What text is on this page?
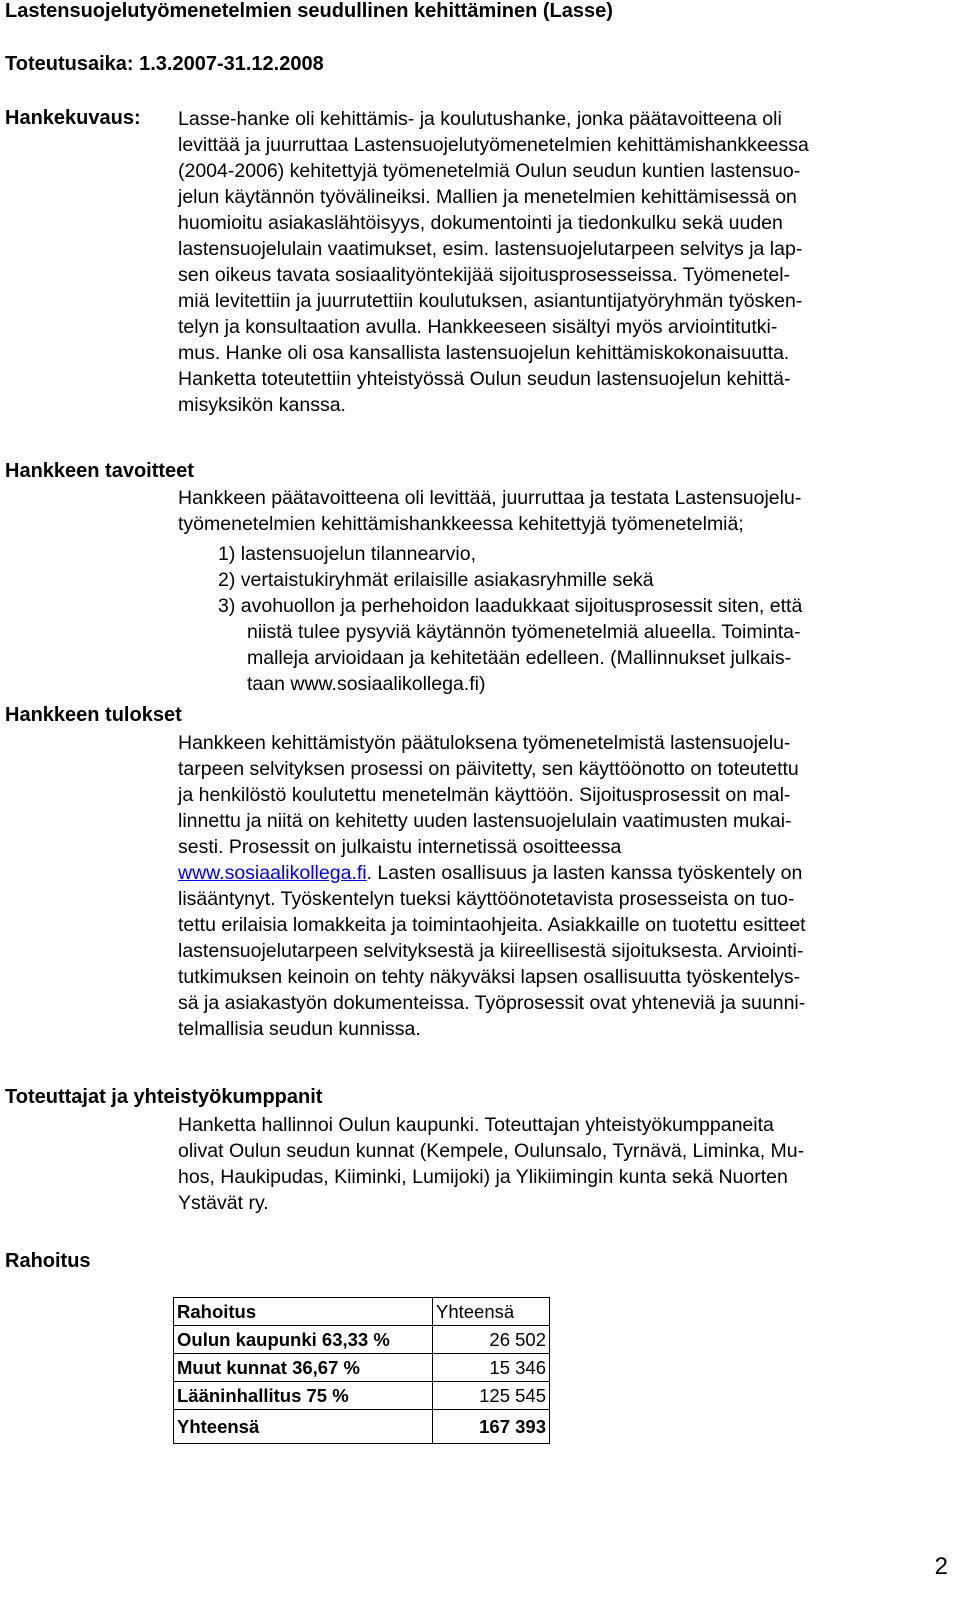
Lastensuojelutyömenetelmien seudullinen kehittäminen (Lasse)
Toteutusaika: 1.3.2007-31.12.2008
Hankekuvaus: Lasse-hanke oli kehittämis- ja koulutushanke, jonka päätavoitteena oli
levittää ja juurruttaa Lastensuojelutyömenetelmien kehittämishankkeessa
(2004-2006) kehitettyjä työmenetelmiä Oulun seudun kuntien lastensuo-
jelun käytännön työvälineiksi. Mallien ja menetelmien kehittämisessä on
huomioitu asiakaslähtöisyys, dokumentointi ja tiedonkulku sekä uuden
lastensuojelulain vaatimukset, esim. lastensuojelutarpeen selvitys ja lap-
sen oikeus tavata sosiaalityöntekijää sijoitusprosesseissa. Työmenetel-
miä levitettiin ja juurrutettiin koulutuksen, asiantuntijatyöryhmän työsken-
telyn ja konsultaation avulla. Hankkeeseen sisältyi myös arviointitutki-
mus. Hanke oli osa kansallista lastensuojelun kehittämiskokonaisuutta.
Hanketta toteutettiin yhteistyössä Oulun seudun lastensuojelun kehittä-
misyksikön kanssa.
Hankkeen tavoitteet
Hankkeen päätavoitteena oli levittää, juurruttaa ja testata Lastensuojelu-
työmenetelmien kehittämishankkeessa kehitettyjä työmenetelmiä;
1) lastensuojelun tilannearvio,
2) vertaistukiryhmät erilaisille asiakasryhmille sekä
3) avohuollon ja perhehoidon laadukkaat sijoitusprosessit siten, että
niistä tulee pysyviä käytännön työmenetelmiä alueella. Toiminta-
malleja arvioidaan ja kehitetään edelleen. (Mallinnukset julkais-
taan www.sosiaalikollega.fi)
Hankkeen tulokset
Hankkeen kehittämistyön päätuloksena työmenetelmistä lastensuojelu-
tarpeen selvityksen prosessi on päivitetty, sen käyttöönotto on toteutettu
ja henkilöstö koulutettu menetelmän käyttöön. Sijoitusprosessit on mal-
linnettu ja niitä on kehitetty uuden lastensuojelulain vaatimusten mukai-
sesti. Prosessit on julkaistu internetissä osoitteessa
www.sosiaalikollega.fi. Lasten osallisuus ja lasten kanssa työskentely on
lisääntynyt. Työskentelyn tueksi käyttöönotetavista prosesseista on tuo-
tettu erilaisia lomakkeita ja toimintaohjeita. Asiakkaille on tuotettu esitteet
lastensuojelutarpeen selvityksestä ja kiireellisestä sijoituksesta. Arviointi-
tutkimuksen keinoin on tehty näkyväksi lapsen osallisuutta työskentelys-
sä ja asiakastyön dokumenteissa. Työprosessit ovat yhteneviä ja suunni-
telmallisia seudun kunnissa.
Toteuttajat ja yhteistyökumppanit
Hanketta hallinnoi Oulun kaupunki. Toteuttajan yhteistyökumppaneita
olivat Oulun seudun kunnat (Kempele, Oulunsalo, Tyrnävä, Liminka, Mu-
hos, Haukipudas, Kiiminki, Lumijoki) ja Ylikiimingin kunta sekä Nuorten
Ystävät ry.
Rahoitus
Rahoitus	Yhteensä
Oulun kaupunki 63,33 %	26 502
Muut kunnat 36,67 %	15 346
Lääninhallitus 75 %	125 545
Yhteensä	167 393
2
